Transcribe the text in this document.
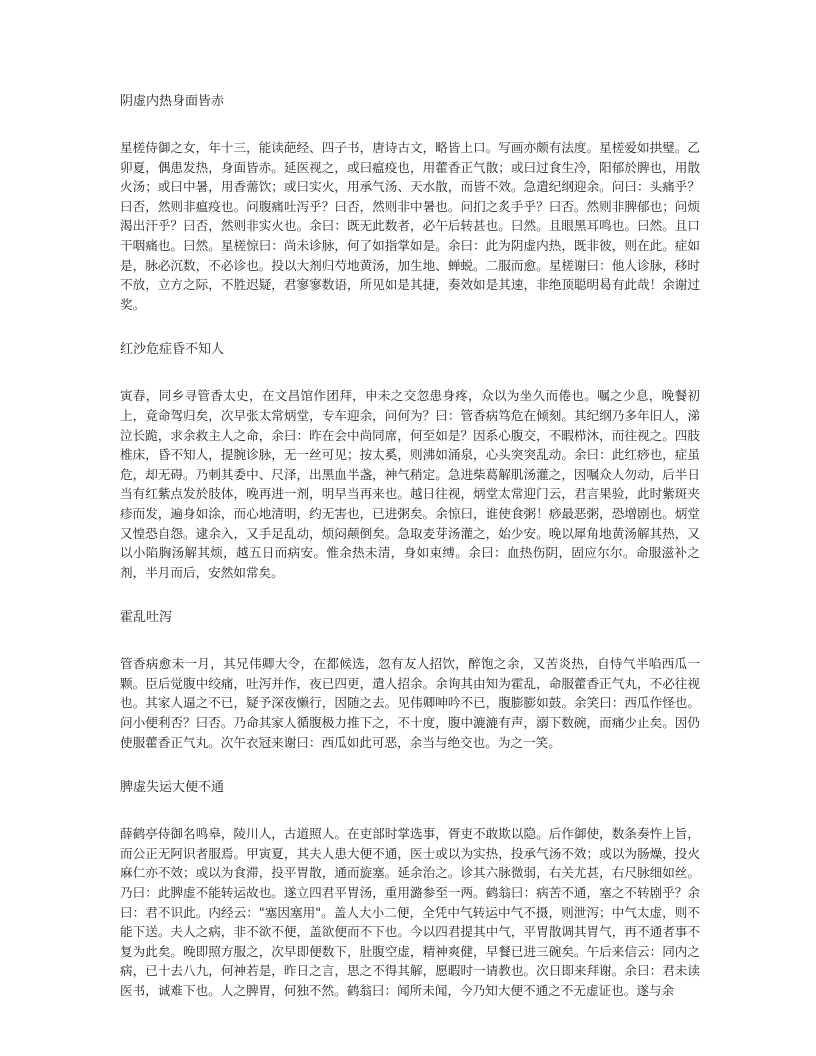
阴虚内热身面皆赤
星槎侍御之女，年十三，能读葩经、四子书，唐诗古文，略皆上口。写画亦颇有法度。星槎爱如拱璧。乙卯夏，偶患发热，身面皆赤。延医视之，或曰瘟疫也，用藿香正气散；或曰过食生冷，阳郁於脾也，用散火汤；或曰中暑，用香薷饮；或曰实火，用承气汤、天水散，而皆不效。急遣纪纲迎余。问曰：头痛乎？曰否，然则非瘟疫也。问腹痛吐泻乎？曰否，然则非中暑也。问扪之炙手乎？曰否。然则非脾郁也；问烦渴出汗乎？曰否，然则非实火也。余曰：既无此数者，必午后转甚也。曰然。且眼黑耳鸣也。曰然。且口干咽痛也。曰然。星槎惊曰：尚未诊脉，何了如指掌如是。余曰：此为阴虚内热，既非彼，则在此。症如是，脉必沉数，不必诊也。投以大剂归芍地黄汤，加生地、蝉蜕。二服而愈。星槎谢曰：他人诊脉，移时不放，立方之际，不胜迟疑，君寥寥数语，所见如是其捷，奏效如是其速，非绝顶聪明曷有此哉！余谢过奖。
红沙危症昏不知人
寅春，同乡寻管香太史，在文昌馆作团拜，申未之交忽患身疼，众以为坐久而倦也。嘱之少息，晚餐初上，竟命驾归矣，次早张太常炳堂，专车迎余，问何为？曰：管香病笃危在倾刻。其纪纲乃多年旧人，涕泣长跪，求余救主人之命，余曰：昨在会中尚同席，何至如是？因系心腹交，不暇栉沐，而往视之。四肢椎床，昏不知人，提腕诊脉，无一丝可见；按太奚，则沸如涌泉，心头突突乱动。余曰：此红痧也，症虽危，却无碍。乃刺其委中、尺泽，出黑血半盏，神气稍定。急进柴葛解肌汤灌之，因嘱众人勿动，后半日当有红紫点发於肢体，晚再进一剂，明早当再来也。越日往视，炳堂太常迎门云，君言果验，此时紫斑夹疹而发，遍身如涂，而心地清明，约无害也，已进粥矣。余惊曰，谁使食粥！痧最恶粥，恐增剧也。炳堂又惶恐自怨。逮余入，又手足乱动，烦闷颠倒矣。急取麦芽汤灌之，始少安。晚以犀角地黄汤解其热，又以小陷胸汤解其烦，越五日而病安。惟余热未清，身如束缚。余曰：血热伤阴，固应尔尔。命服滋补之剂，半月而后，安然如常矣。
霍乱吐泻
管香病愈未一月，其兄伟卿大令，在都候选，忽有友人招饮，醉饱之余，又苦炎热，自恃气半啗西瓜一颗。臣后觉腹中绞痛，吐泻并作，夜已四更，遣人招余。余询其由知为霍乱，命服藿香正气丸，不必往视也。其家人逼之不已，疑予深夜懒行，因随之去。见伟卿呻吟不已，腹膨膨如鼓。余笑曰：西瓜作怪也。问小便利否？曰否。乃命其家人循腹极力推下之，不十度，腹中漉漉有声，溺下数碗，而痛少止矣。因仍使服藿香正气丸。次午衣冠来谢曰：西瓜如此可恶，余当与绝交也。为之一笑。
脾虚失运大便不通
薛鹤亭侍御名鸣皋，陵川人，古道照人。在吏部时掌选事，胥吏不敢欺以隐。后作御使，数条奏忤上旨，而公正无阿识者服焉。甲寅夏，其夫人患大便不通，医士或以为实热，投承气汤不效；或以为肠燥，投火麻仁亦不效；或以为食滞，投平胃散，通而旋塞。延余治之。诊其六脉微弱，右关尤甚，右尺脉细如丝。乃曰：此脾虚不能转运故也。遂立四君平胃汤，重用潞参至一两。鹤翁曰：病苦不通，塞之不转剧乎？余曰：君不识此。内经云："塞因塞用"。盖人大小二便，全凭中气转运中气不摄，则泄泻；中气太虚，则不能下送。夫人之病，非不欲不便，盖欲便而不下也。今以四君提其中气，平胃散调其胃气，再不通者事不复为此矣。晚即照方服之，次早即便数下，肚腹空虚，精神爽健，早餐已进三碗矣。午后来信云：同内之病，已十去八九，何神若是，昨日之言，思之不得其解，愿暇时一请教也。次日即来拜谢。余曰：君未读医书，诚难下也。人之脾胃，何独不然。鹤翁曰：闻所未闻，今乃知大便不通之不无虚证也。遂与余
